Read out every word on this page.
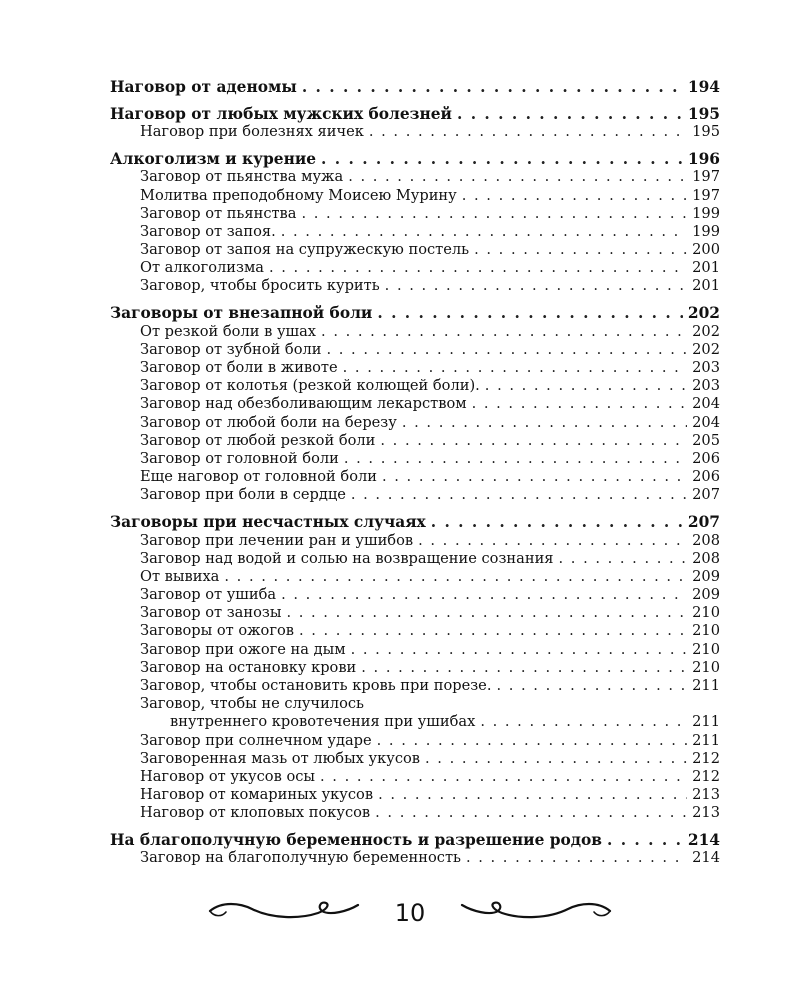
Наговор от аденомы . . .	194
Наговор от любых мужских болезней . . .	195
Наговор при болезнях яичек . . .	195
Алкоголизм и курение . . .	196
Заговор от пьянства мужа . . .	197
Молитва преподобному Моисею Мурину . . .	197
Заговор от пьянства . . .	199
Заговор от запоя. . . .	199
Заговор от запоя на супружескую постель . . .	200
От алкоголизма . . .	201
Заговор, чтобы бросить курить . . .	201
Заговоры от внезапной боли . . .	202
От резкой боли в ушах . . .	202
Заговор от зубной боли . . .	202
Заговор от боли в животе . . .	203
Заговор от колотья (резкой колющей боли). . . .	203
Заговор над обезболивающим лекарством . . .	204
Заговор от любой боли на березу . . .	204
Заговор от любой резкой боли . . .	205
Заговор от головной боли . . .	206
Еще наговор от головной боли . . .	206
Заговор при боли в сердце . . .	207
Заговоры при несчастных случаях . . .	207
Заговор при лечении ран и ушибов . . .	208
Заговор над водой и солью на возвращение сознания . . .	208
От вывиха . . .	209
Заговор от ушиба . . .	209
Заговор от занозы . . .	210
Заговоры от ожогов . . .	210
Заговор при ожоге на дым . . .	210
Заговор на остановку крови . . .	210
Заговор, чтобы остановить кровь при порезе. . . .	211
Заговор, чтобы не случилось
внутреннего кровотечения при ушибах . . .	211
Заговор при солнечном ударе . . .	211
Заговоренная мазь от любых укусов . . .	212
Наговор от укусов осы . . .	212
Наговор от комариных укусов . . .	213
Наговор от клоповых покусов . . .	213
На благополучную беременность и разрешение родов . . .	214
Заговор на благополучную беременность . . .	214
10
